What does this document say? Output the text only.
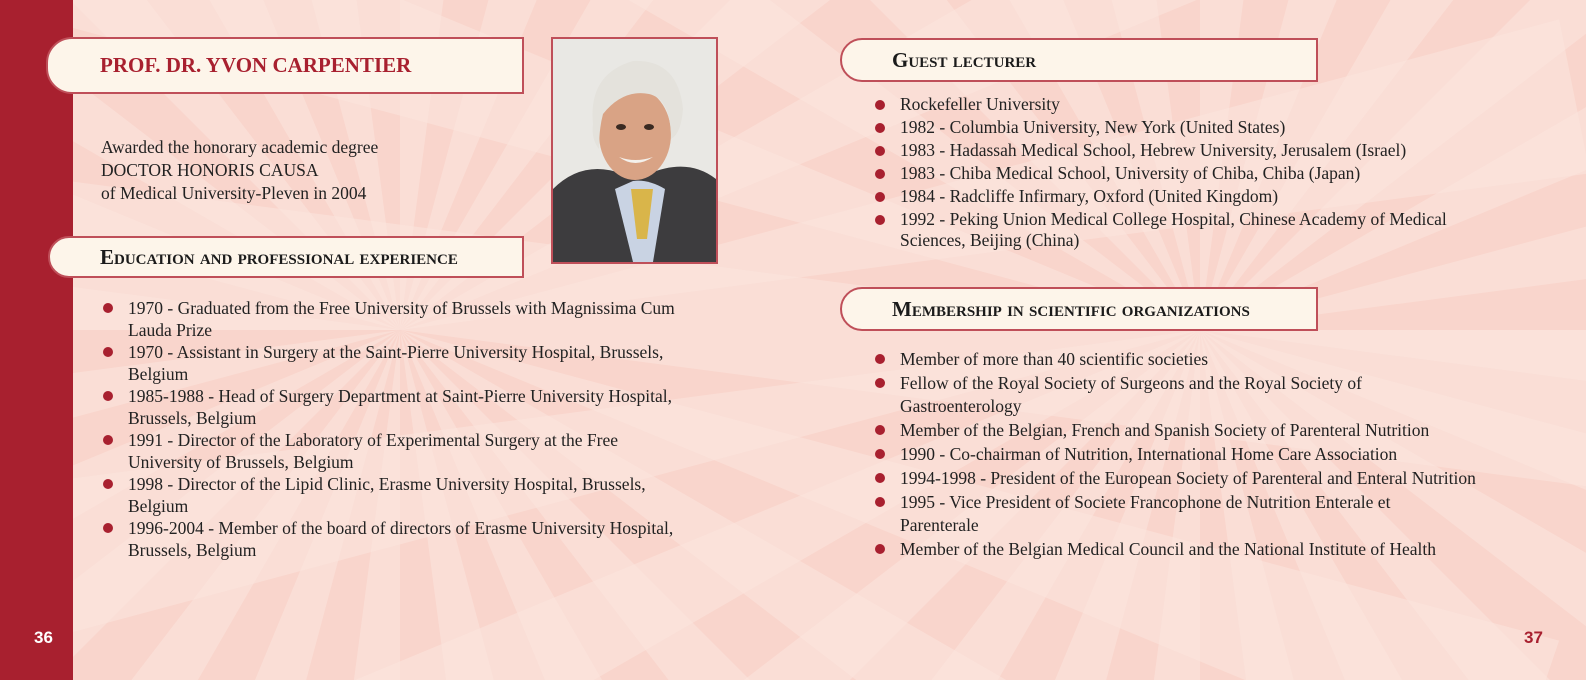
PROF. DR. YVON CARPENTIER
Awarded the honorary academic degree
DOCTOR HONORIS CAUSA
of Medical University-Pleven in 2004
Education and professional experience
1970 - Graduated from the Free University of Brussels with Magnissima Cum
Lauda Prize
1970 - Assistant in Surgery at the Saint-Pierre University Hospital, Brussels,
Belgium
1985-1988 - Head of Surgery Department at Saint-Pierre University Hospital,
Brussels, Belgium
1991 - Director of the Laboratory of Experimental Surgery at the Free
University of Brussels, Belgium
1998 - Director of the Lipid Clinic, Erasme University Hospital, Brussels,
Belgium
1996-2004 - Member of the board of directors of Erasme University Hospital,
Brussels, Belgium
Guest lecturer
Rockefeller University
1982 - Columbia University, New York (United States)
1983 - Hadassah Medical School, Hebrew University, Jerusalem (Israel)
1983 - Chiba Medical School, University of Chiba, Chiba (Japan)
1984 - Radcliffe Infirmary, Oxford (United Kingdom)
1992 - Peking Union Medical College Hospital, Chinese Academy of Medical
Sciences, Beijing (China)
Membership in scientific organizations
Member of more than 40 scientific societies
Fellow of the Royal Society of Surgeons and the Royal Society of
Gastroenterology
Member of the Belgian, French and Spanish Society of Parenteral Nutrition
1990 - Co-chairman of Nutrition, International Home Care Association
1994-1998 - President of the European Society of Parenteral and Enteral Nutrition
1995 - Vice President of Societe Francophone de Nutrition Enterale et
Parenterale
Member of the Belgian Medical Council and the National Institute of Health
36	37
